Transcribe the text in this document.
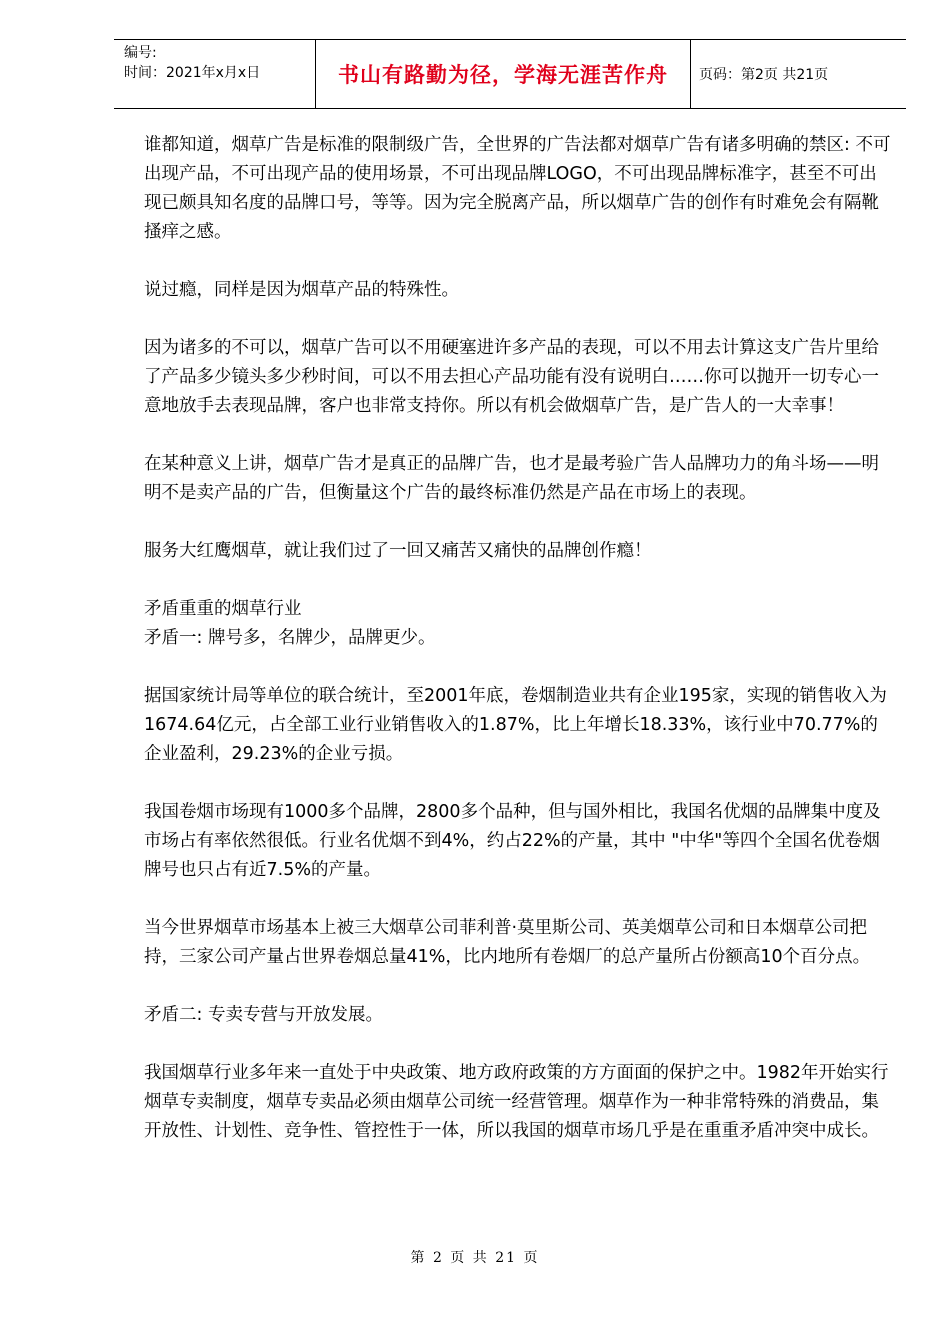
编号:
时间：2021年x月x日	书山有路勤为径，学海无涯苦作舟	页码：第2页 共21页

谁都知道，烟草广告是标准的限制级广告，全世界的广告法都对烟草广告有诸多明确的禁区: 不可出现产品，不可出现产品的使用场景，不可出现品牌LOGO，不可出现品牌标准字，甚至不可出现已颇具知名度的品牌口号，等等。因为完全脱离产品，所以烟草广告的创作有时难免会有隔靴搔痒之感。

说过瘾，同样是因为烟草产品的特殊性。

因为诸多的不可以，烟草广告可以不用硬塞进许多产品的表现，可以不用去计算这支广告片里给了产品多少镜头多少秒时间，可以不用去担心产品功能有没有说明白……你可以抛开一切专心一意地放手去表现品牌，客户也非常支持你。所以有机会做烟草广告，是广告人的一大幸事！

在某种意义上讲，烟草广告才是真正的品牌广告，也才是最考验广告人品牌功力的角斗场——明明不是卖产品的广告，但衡量这个广告的最终标准仍然是产品在市场上的表现。

服务大红鹰烟草，就让我们过了一回又痛苦又痛快的品牌创作瘾！

矛盾重重的烟草行业

矛盾一: 牌号多，名牌少，品牌更少。

据国家统计局等单位的联合统计，至2001年底，卷烟制造业共有企业195家，实现的销售收入为1674.64亿元，占全部工业行业销售收入的1.87%，比上年增长18.33%，该行业中70.77%的企业盈利，29.23%的企业亏损。

我国卷烟市场现有1000多个品牌，2800多个品种，但与国外相比，我国名优烟的品牌集中度及市场占有率依然很低。行业名优烟不到4%，约占22%的产量，其中 "中华"等四个全国名优卷烟牌号也只占有近7.5%的产量。

当今世界烟草市场基本上被三大烟草公司菲利普·莫里斯公司、英美烟草公司和日本烟草公司把持，三家公司产量占世界卷烟总量41%，比内地所有卷烟厂的总产量所占份额高10个百分点。

矛盾二: 专卖专营与开放发展。

我国烟草行业多年来一直处于中央政策、地方政府政策的方方面面的保护之中。1982年开始实行烟草专卖制度，烟草专卖品必须由烟草公司统一经营管理。烟草作为一种非常特殊的消费品，集开放性、计划性、竞争性、管控性于一体，所以我国的烟草市场几乎是在重重矛盾冲突中成长。

第 2 页 共 21 页
